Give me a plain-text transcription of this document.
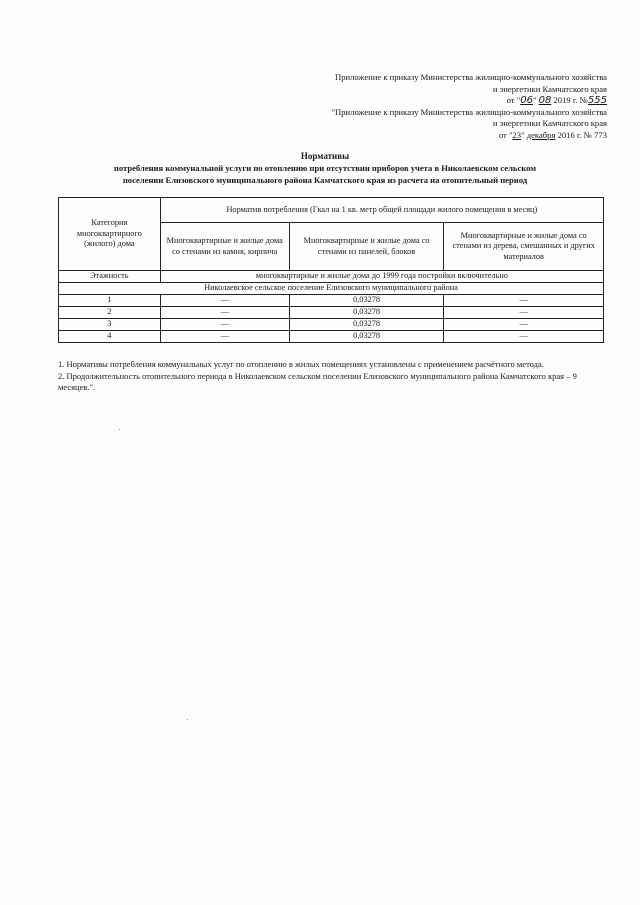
Приложение к приказу Министерства жилищно-коммунального хозяйства
и энергетики Камчатского края
от "06" 08 2019 г. №555
"Приложение к приказу Министерства жилищно-коммунального хозяйства
и энергетики Камчатского края
от "23" декабря 2016 г. № 773
Нормативы
потребления коммунальной услуги по отоплению при отсутствии приборов учета в Николаевском сельском
поселении Елизовского муниципального района Камчатского края из расчета на отопительный период
Категория многоквартирного (жилого) дома	Норматив потребления (Гкал на 1 кв. метр общей площади жилого помещения в месяц)		
	Многоквартирные и жилые дома со стенами из камня, кирпича	Многоквартирные и жилые дома со стенами из панелей, блоков	Многоквартирные и жилые дома со стенами из дерева, смешанных и других материалов
Этажность	многоквартирные и жилые дома до 1999 года постройки включительно		
Николаевское сельское поселение Елизовского муниципального района			
1	—	0,03278	—
2	—	0,03278	—
3	—	0,03278	—
4	—	0,03278	—
1. Нормативы потребления коммунальных услуг по отоплению в жилых помещениях установлены с применением расчётного метода.
2. Продолжительность отопительного периода в Николаевском сельском поселении Елизовского муниципального района Камчатского края – 9 месяцев.".
